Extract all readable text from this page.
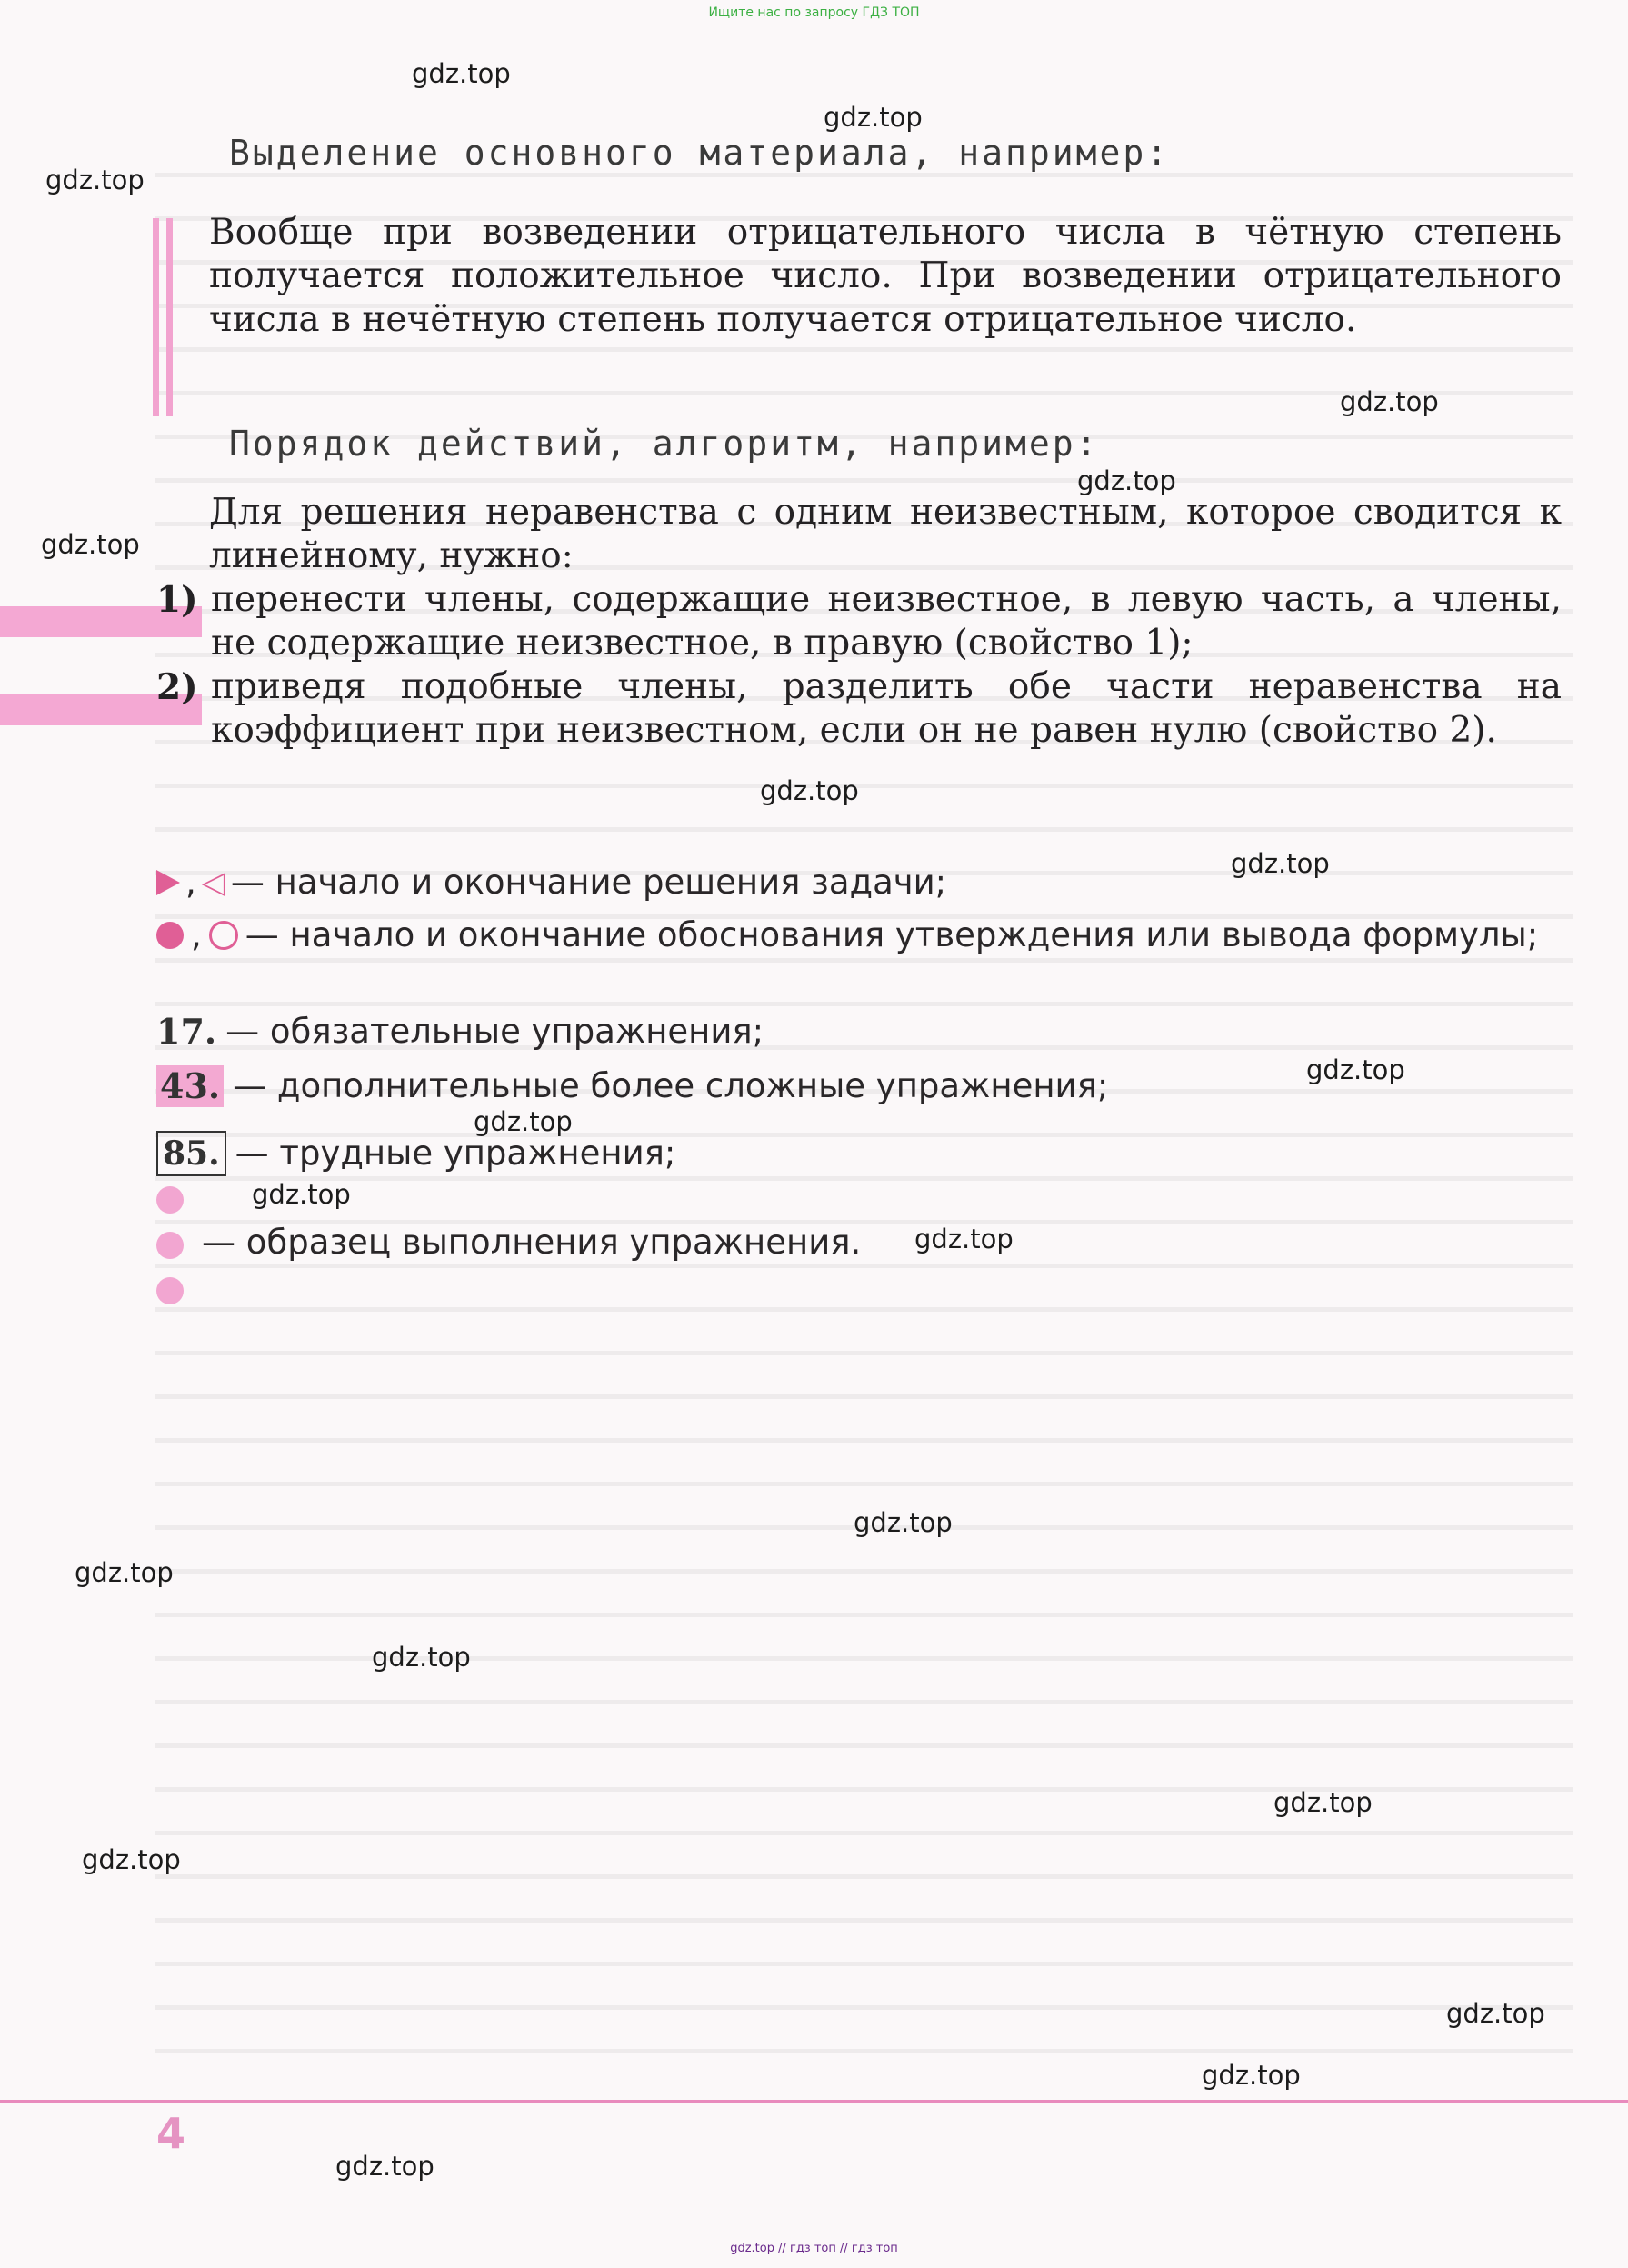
Ищите нас по запросу ГДЗ ТОП
gdz.top
gdz.top
gdz.top
gdz.top
gdz.top
gdz.top
gdz.top
gdz.top
gdz.top
gdz.top
gdz.top
gdz.top
gdz.top
gdz.top
gdz.top
gdz.top
gdz.top
gdz.top
gdz.top
gdz.top
Выделение основного материала, например:
Вообще при возведении отрицательного числа в чётную степень получается положительное число. При возведении отрицательного числа в нечётную степень получается отрицательное число.
Порядок действий, алгоритм, например:
Для решения неравенства с одним неизвестным, которое сводится к линейному, нужно:
1) перенести члены, содержащие неизвестное, в левую часть, а члены, не содержащие неизвестное, в правую (свойство 1);
2) приведя подобные члены, разделить обе части неравенства на коэффициент при неизвестном, если он не равен нулю (свойство 2).
, ◁ — начало и окончание решения задачи;
, — начало и окончание обоснования утверждения или вывода формулы;
17. — обязательные упражнения;
43. — дополнительные более сложные упражнения;
85. — трудные упражнения;
— образец выполнения упражнения.
4
gdz.top // гдз топ // гдз топ
